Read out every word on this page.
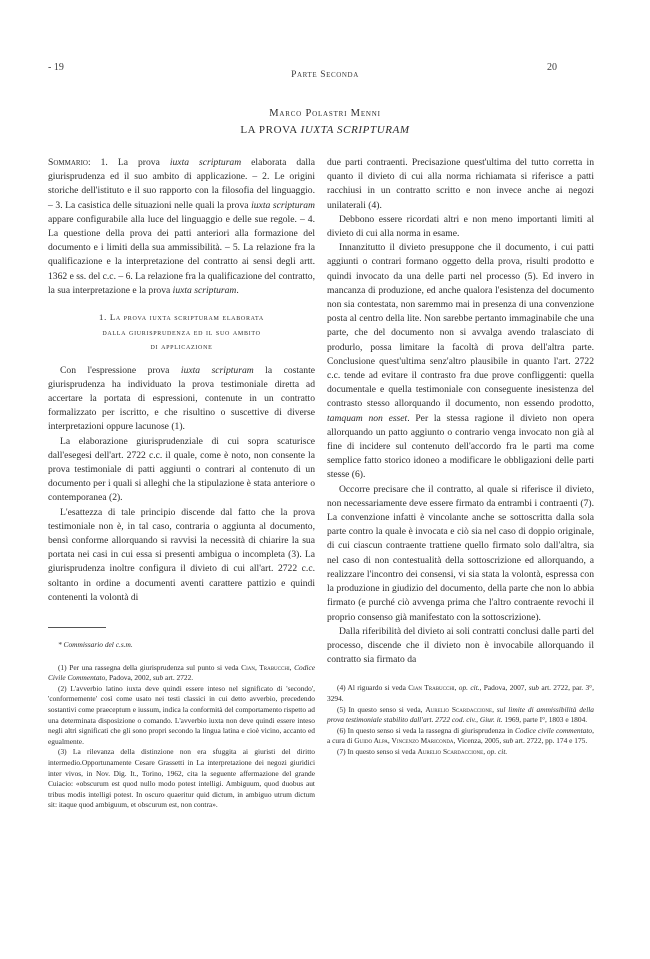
- 19
Parte Seconda
20
Marco Polastri Menni
LA PROVA IUXTA SCRIPTURAM

Sommario: 1. La prova iuxta scripturam elaborata dalla giurisprudenza ed il suo ambito di applicazione. – 2. Le origini storiche dell'istituto e il suo rapporto con la filosofia del linguaggio. – 3. La casistica delle situazioni nelle quali la prova iuxta scripturam appare configurabile alla luce del linguaggio e delle sue regole. – 4. La questione della prova dei patti anteriori alla formazione del documento e i limiti della sua ammissibilità. – 5. La relazione fra la qualificazione e la interpretazione del contratto ai sensi degli artt. 1362 e ss. del c.c. – 6. La relazione fra la qualificazione del contratto, la sua interpretazione e la prova iuxta scripturam.

1. La prova iuxta scripturam elaborata
dalla giurisprudenza ed il suo ambito
di applicazione

Con l'espressione prova iuxta scripturam la costante giurisprudenza ha individuato la prova testimoniale diretta ad accertare la portata di espressioni, contenute in un contratto formalizzato per iscritto, e che risultino o suscettive di diverse interpretazioni oppure lacunose (1).

La elaborazione giurisprudenziale di cui sopra scaturisce dall'esegesi dell'art. 2722 c.c. il quale, come è noto, non consente la prova testimoniale di patti aggiunti o contrari al contenuto di un documento per i quali si alleghi che la stipulazione è stata anteriore o contemporanea (2).

L'esattezza di tale principio discende dal fatto che la prova testimoniale non è, in tal caso, contraria o aggiunta al documento, bensì conforme allorquando si ravvisi la necessità di chiarire la sua portata nei casi in cui essa si presenti ambigua o incompleta (3). La giurisprudenza inoltre configura il divieto di cui all'art. 2722 c.c. soltanto in ordine a documenti aventi carattere pattizio e quindi contenenti la volontà di

* Commissario del c.s.m.

(1) Per una rassegna della giurisprudenza sul punto si veda Cian, Trabucchi, Codice Civile Commentato, Padova, 2002, sub art. 2722.

(2) L'avverbio latino iuxta deve quindi essere inteso nel significato di 'secondo', 'conformemente' così come usato nei testi classici in cui detto avverbio, precedendo sostantivi come praeceptum e iussum, indica la conformità del comportamento rispetto ad una determinata disposizione o comando. L'avverbio iuxta non deve quindi essere inteso negli altri significati che gli sono propri secondo la lingua latina e cioè vicino, accanto ed egualmente.

(3) La rilevanza della distinzione non era sfuggita ai giuristi del diritto intermedio.Opportunamente Cesare Grassetti in La interpretazione dei negozi giuridici inter vivos, in Nov. Dig. It., Torino, 1962, cita la seguente affermazione del grande Cuiacio: «obscurum est quod nullo modo potest intelligi. Ambiguum, quod duobus aut tribus modis intelligi potest. In oscuro quaeritur quid dictum, in ambiguo utrum dictum sit: itaque quod ambiguum, et obscurum est, non contra».

due parti contraenti. Precisazione quest'ultima del tutto corretta in quanto il divieto di cui alla norma richiamata si riferisce a patti racchiusi in un contratto scritto e non invece anche ai negozi unilaterali (4).

Debbono essere ricordati altri e non meno importanti limiti al divieto di cui alla norma in esame.

Innanzitutto il divieto presuppone che il documento, i cui patti aggiunti o contrari formano oggetto della prova, risulti prodotto e quindi invocato da una delle parti nel processo (5). Ed invero in mancanza di produzione, ed anche qualora l'esistenza del documento non sia contestata, non saremmo mai in presenza di una convenzione posta al centro della lite. Non sarebbe pertanto immaginabile che una parte, che del documento non si avvalga avendo tralasciato di produrlo, possa limitare la facoltà di prova dell'altra parte. Conclusione quest'ultima senz'altro plausibile in quanto l'art. 2722 c.c. tende ad evitare il contrasto fra due prove confliggenti: quella documentale e quella testimoniale con conseguente inesistenza del contrasto stesso allorquando il documento, non essendo prodotto, tamquam non esset. Per la stessa ragione il divieto non opera allorquando un patto aggiunto o contrario venga invocato non già al fine di incidere sul contenuto dell'accordo fra le parti ma come semplice fatto storico idoneo a modificare le obbligazioni delle parti stesse (6).

Occorre precisare che il contratto, al quale si riferisce il divieto, non necessariamente deve essere firmato da entrambi i contraenti (7). La convenzione infatti è vincolante anche se sottoscritta dalla sola parte contro la quale è invocata e ciò sia nel caso di doppio originale, di cui ciascun contraente trattiene quello firmato solo dall'altra, sia nel caso di non contestualità della sottoscrizione ed allorquando, a realizzare l'incontro dei consensi, vi sia stata la volontà, espressa con la produzione in giudizio del documento, della parte che non lo abbia firmato (e purché ciò avvenga prima che l'altro contraente revochi il proprio consenso già manifestato con la sottoscrizione).

Dalla riferibilità del divieto ai soli contratti conclusi dalle parti del processo, discende che il divieto non è invocabile allorquando il contratto sia firmato da

(4) Al riguardo si veda Cian Trabucchi, op. cit., Padova, 2007, sub art. 2722, par. 3°, 3294.

(5) In questo senso si veda, Aurelio Scardaccione, sul limite di ammissibilità della prova testimoniale stabilito dall'art. 2722 cod. civ., Giur. it. 1969, parte I°, 1803 e 1804.

(6) In questo senso si veda la rassegna di giurisprudenza in Codice civile commentato, a cura di Guido Alpa, Vincenzo Mariconda, Vicenza, 2005, sub art. 2722, pp. 174 e 175.

(7) In questo senso si veda Aurelio Scardaccione, op. cit.
